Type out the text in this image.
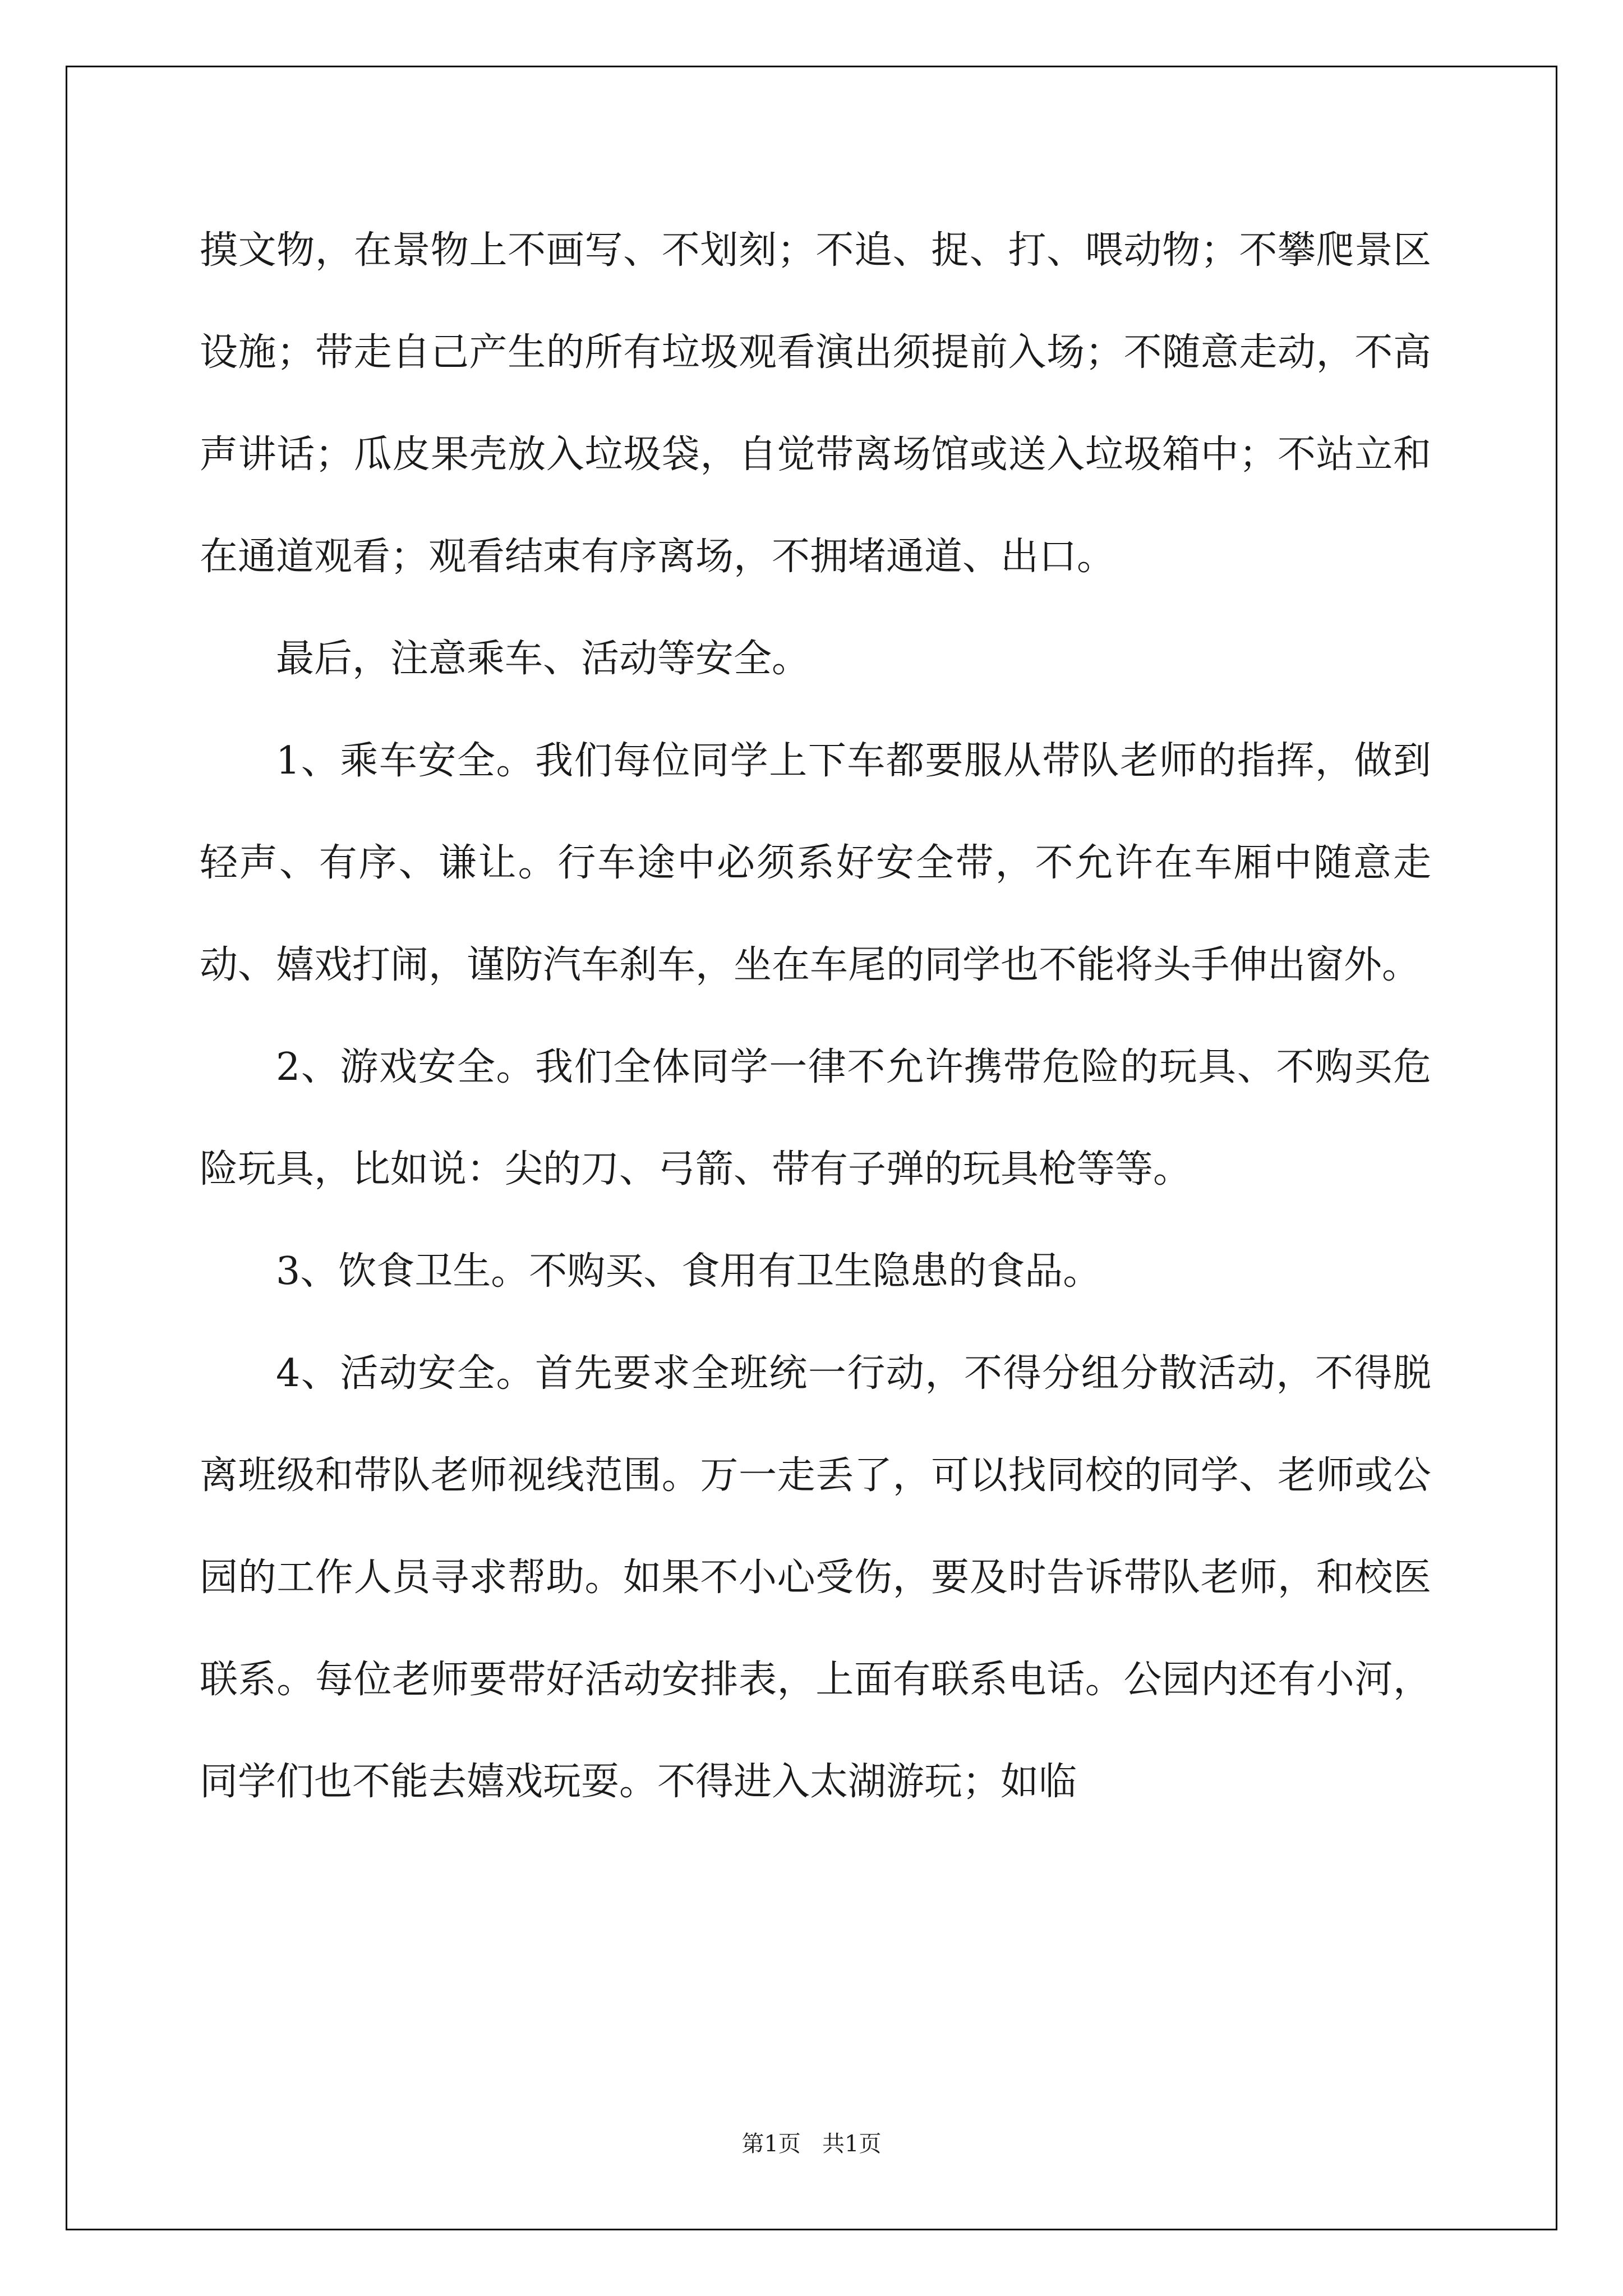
摸文物，在景物上不画写、不划刻；不追、捉、打、喂动物；不攀爬景区设施；带走自己产生的所有垃圾观看演出须提前入场；不随意走动，不高声讲话；瓜皮果壳放入垃圾袋，自觉带离场馆或送入垃圾箱中；不站立和在通道观看；观看结束有序离场，不拥堵通道、出口。

最后，注意乘车、活动等安全。

1、乘车安全。我们每位同学上下车都要服从带队老师的指挥，做到轻声、有序、谦让。行车途中必须系好安全带，不允许在车厢中随意走动、嬉戏打闹，谨防汽车刹车，坐在车尾的同学也不能将头手伸出窗外。

2、游戏安全。我们全体同学一律不允许携带危险的玩具、不购买危险玩具，比如说：尖的刀、弓箭、带有子弹的玩具枪等等。

3、饮食卫生。不购买、食用有卫生隐患的食品。

4、活动安全。首先要求全班统一行动，不得分组分散活动，不得脱离班级和带队老师视线范围。万一走丢了，可以找同校的同学、老师或公园的工作人员寻求帮助。如果不小心受伤，要及时告诉带队老师，和校医联系。每位老师要带好活动安排表，上面有联系电话。公园内还有小河，同学们也不能去嬉戏玩耍。不得进入太湖游玩；如临

第1页   共1页
